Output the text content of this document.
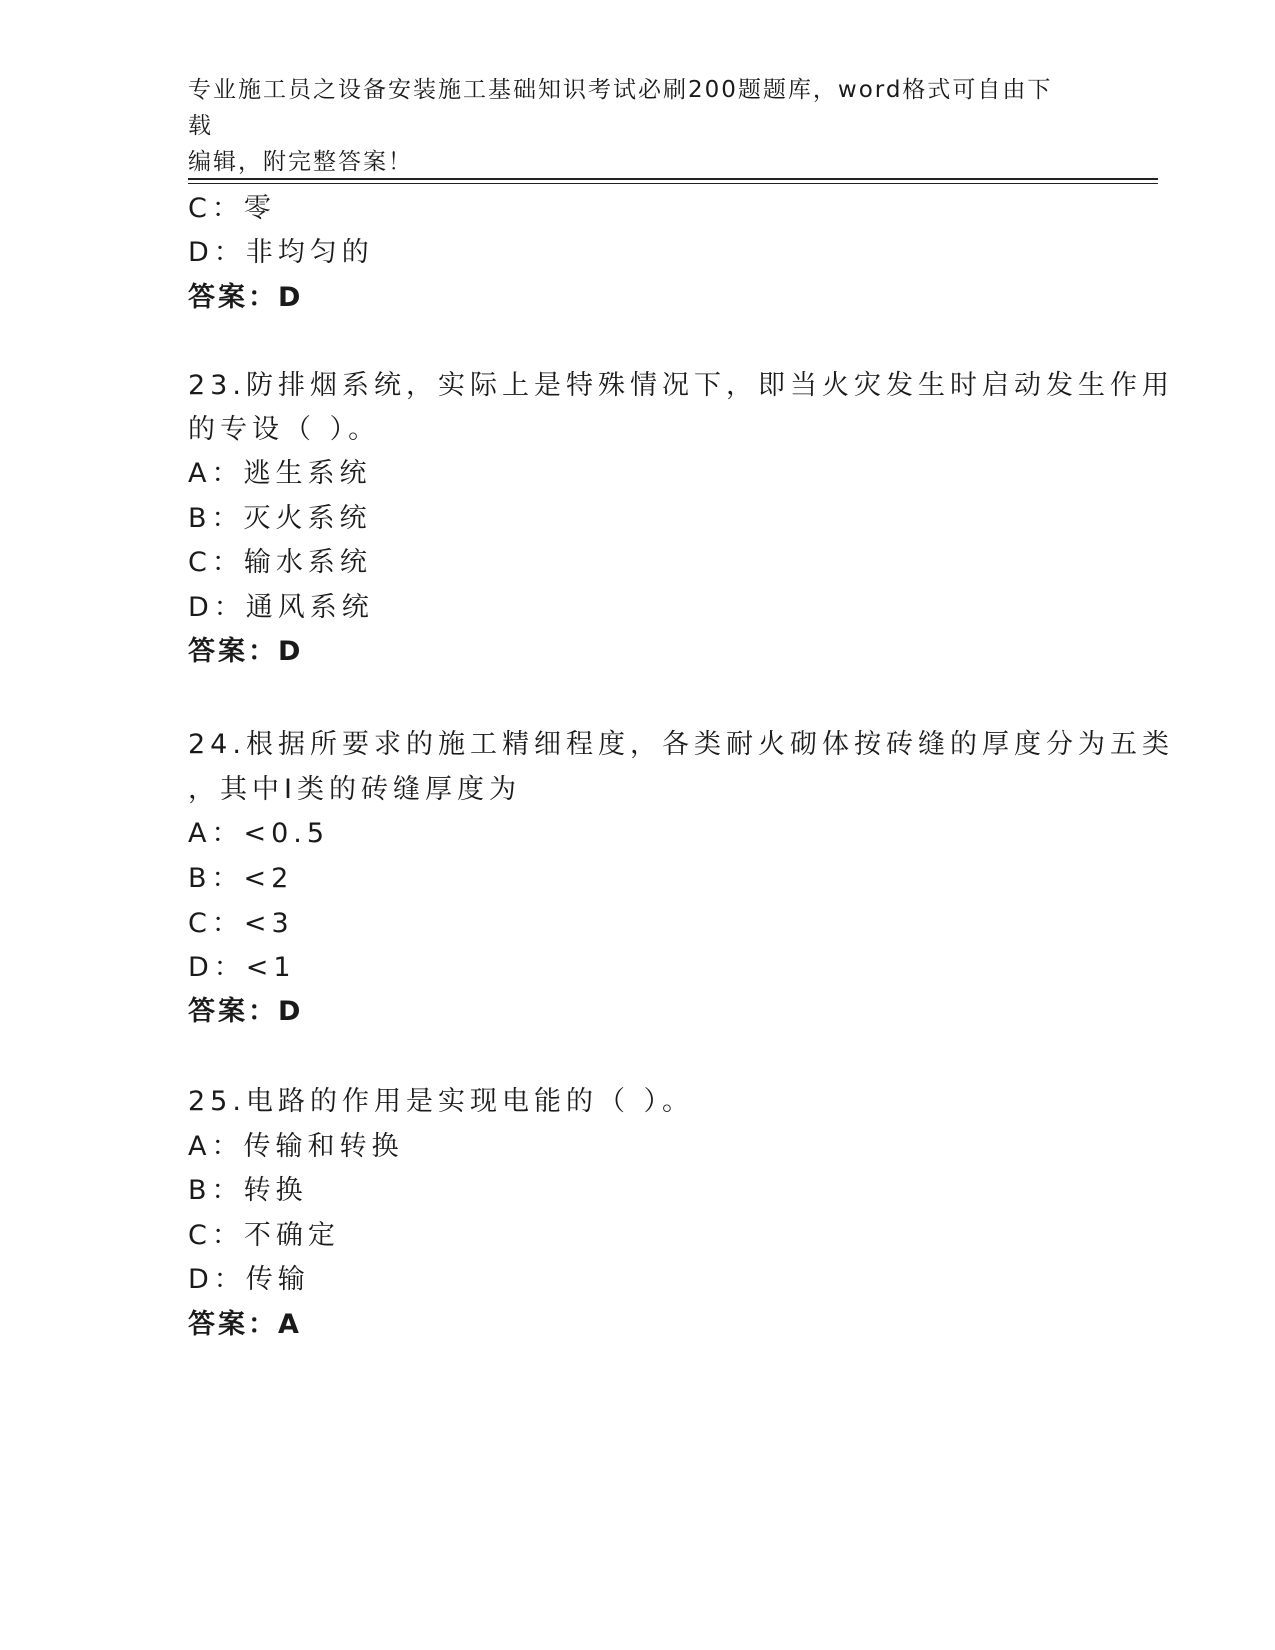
专业施工员之设备安装施工基础知识考试必刷200题题库，word格式可自由下载
编辑，附完整答案！
C：零
D：非均匀的
答案：D
23.防排烟系统，实际上是特殊情况下，即当火灾发生时启动发生作用
的专设（ ）。
A：逃生系统
B：灭火系统
C：输水系统
D：通风系统
答案：D
24.根据所要求的施工精细程度，各类耐火砌体按砖缝的厚度分为五类
，其中Ⅰ类的砖缝厚度为
A：<0.5
B：<2
C：<3
D：<1
答案：D
25.电路的作用是实现电能的（ ）。
A：传输和转换
B：转换
C：不确定
D：传输
答案：A
